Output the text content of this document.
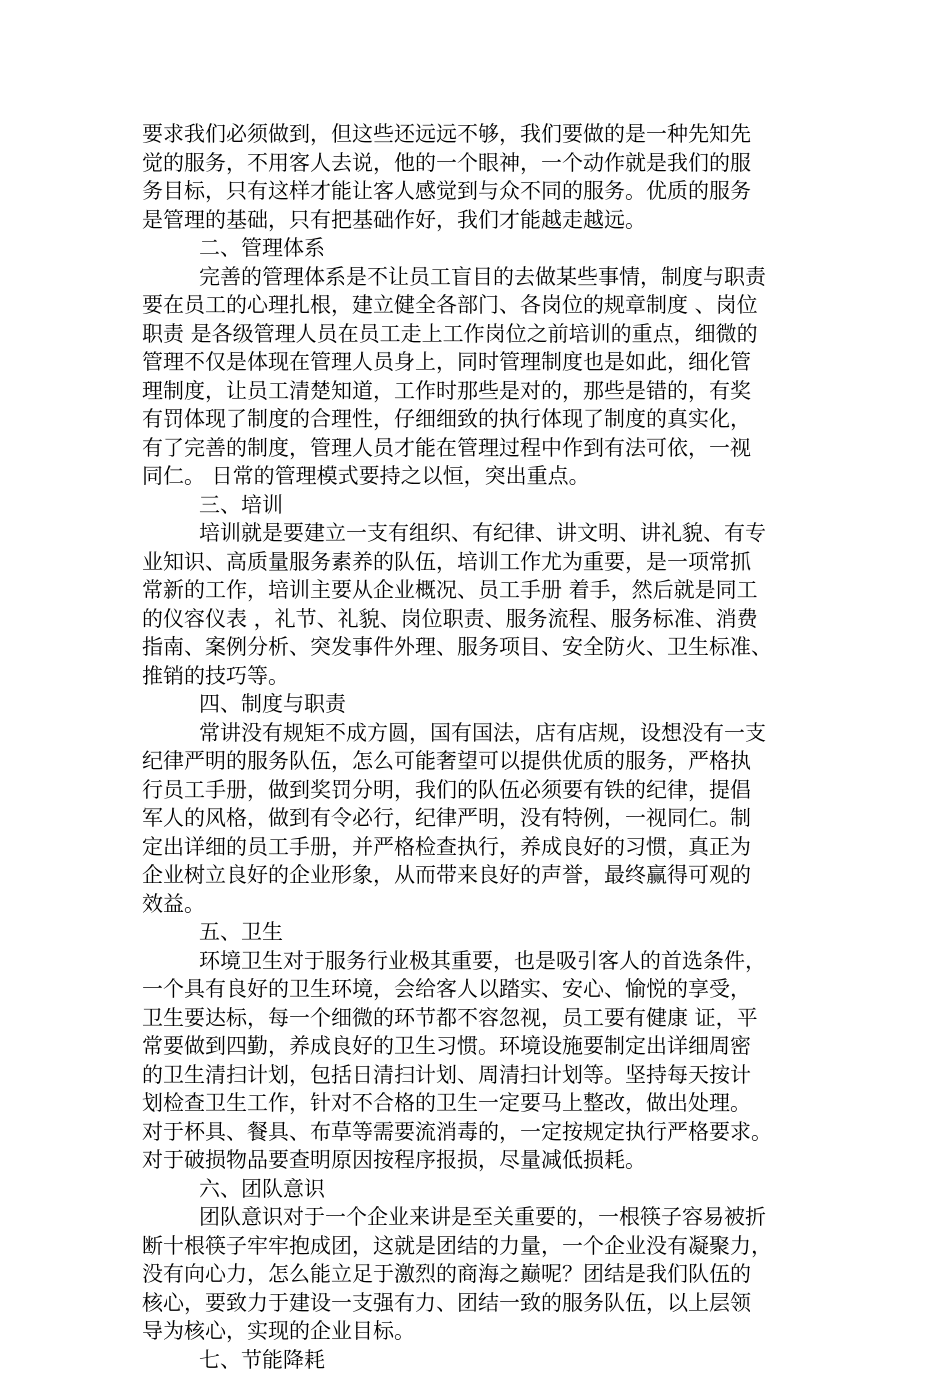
要求我们必须做到，但这些还远远不够，我们要做的是一种先知先
觉的服务，不用客人去说，他的一个眼神，一个动作就是我们的服
务目标，只有这样才能让客人感觉到与众不同的服务。优质的服务
是管理的基础，只有把基础作好，我们才能越走越远。

二、管理体系

完善的管理体系是不让员工盲目的去做某些事情，制度与职责
要在员工的心理扎根，建立健全各部门、各岗位的规章制度 、岗位
职责 是各级管理人员在员工走上工作岗位之前培训的重点，细微的
管理不仅是体现在管理人员身上，同时管理制度也是如此，细化管
理制度，让员工清楚知道，工作时那些是对的，那些是错的，有奖
有罚体现了制度的合理性，仔细细致的执行体现了制度的真实化，
有了完善的制度，管理人员才能在管理过程中作到有法可依，一视
同仁。 日常的管理模式要持之以恒，突出重点。

三、培训

培训就是要建立一支有组织、有纪律、讲文明、讲礼貌、有专
业知识、高质量服务素养的队伍，培训工作尤为重要，是一项常抓
常新的工作，培训主要从企业概况、员工手册 着手，然后就是同工
的仪容仪表 ，礼节、礼貌、岗位职责、服务流程、服务标准、消费
指南、案例分析、突发事件外理、服务项目、安全防火、卫生标准、
推销的技巧等。

四、制度与职责

常讲没有规矩不成方圆，国有国法，店有店规，设想没有一支
纪律严明的服务队伍，怎么可能奢望可以提供优质的服务，严格执
行员工手册，做到奖罚分明，我们的队伍必须要有铁的纪律，提倡
军人的风格，做到有令必行，纪律严明，没有特例，一视同仁。制
定出详细的员工手册，并严格检查执行，养成良好的习惯，真正为
企业树立良好的企业形象，从而带来良好的声誉，最终赢得可观的
效益。

五、卫生

环境卫生对于服务行业极其重要，也是吸引客人的首选条件，
一个具有良好的卫生环境，会给客人以踏实、安心、愉悦的享受，
卫生要达标，每一个细微的环节都不容忽视，员工要有健康 证，平
常要做到四勤，养成良好的卫生习惯。环境设施要制定出详细周密
的卫生清扫计划，包括日清扫计划、周清扫计划等。坚持每天按计
划检查卫生工作，针对不合格的卫生一定要马上整改，做出处理。
对于杯具、餐具、布草等需要流消毒的，一定按规定执行严格要求。
对于破损物品要查明原因按程序报损，尽量减低损耗。

六、团队意识

团队意识对于一个企业来讲是至关重要的，一根筷子容易被折
断十根筷子牢牢抱成团，这就是团结的力量，一个企业没有凝聚力，
没有向心力，怎么能立足于激烈的商海之巅呢？团结是我们队伍的
核心，要致力于建设一支强有力、团结一致的服务队伍，以上层领
导为核心，实现的企业目标。

七、节能降耗
